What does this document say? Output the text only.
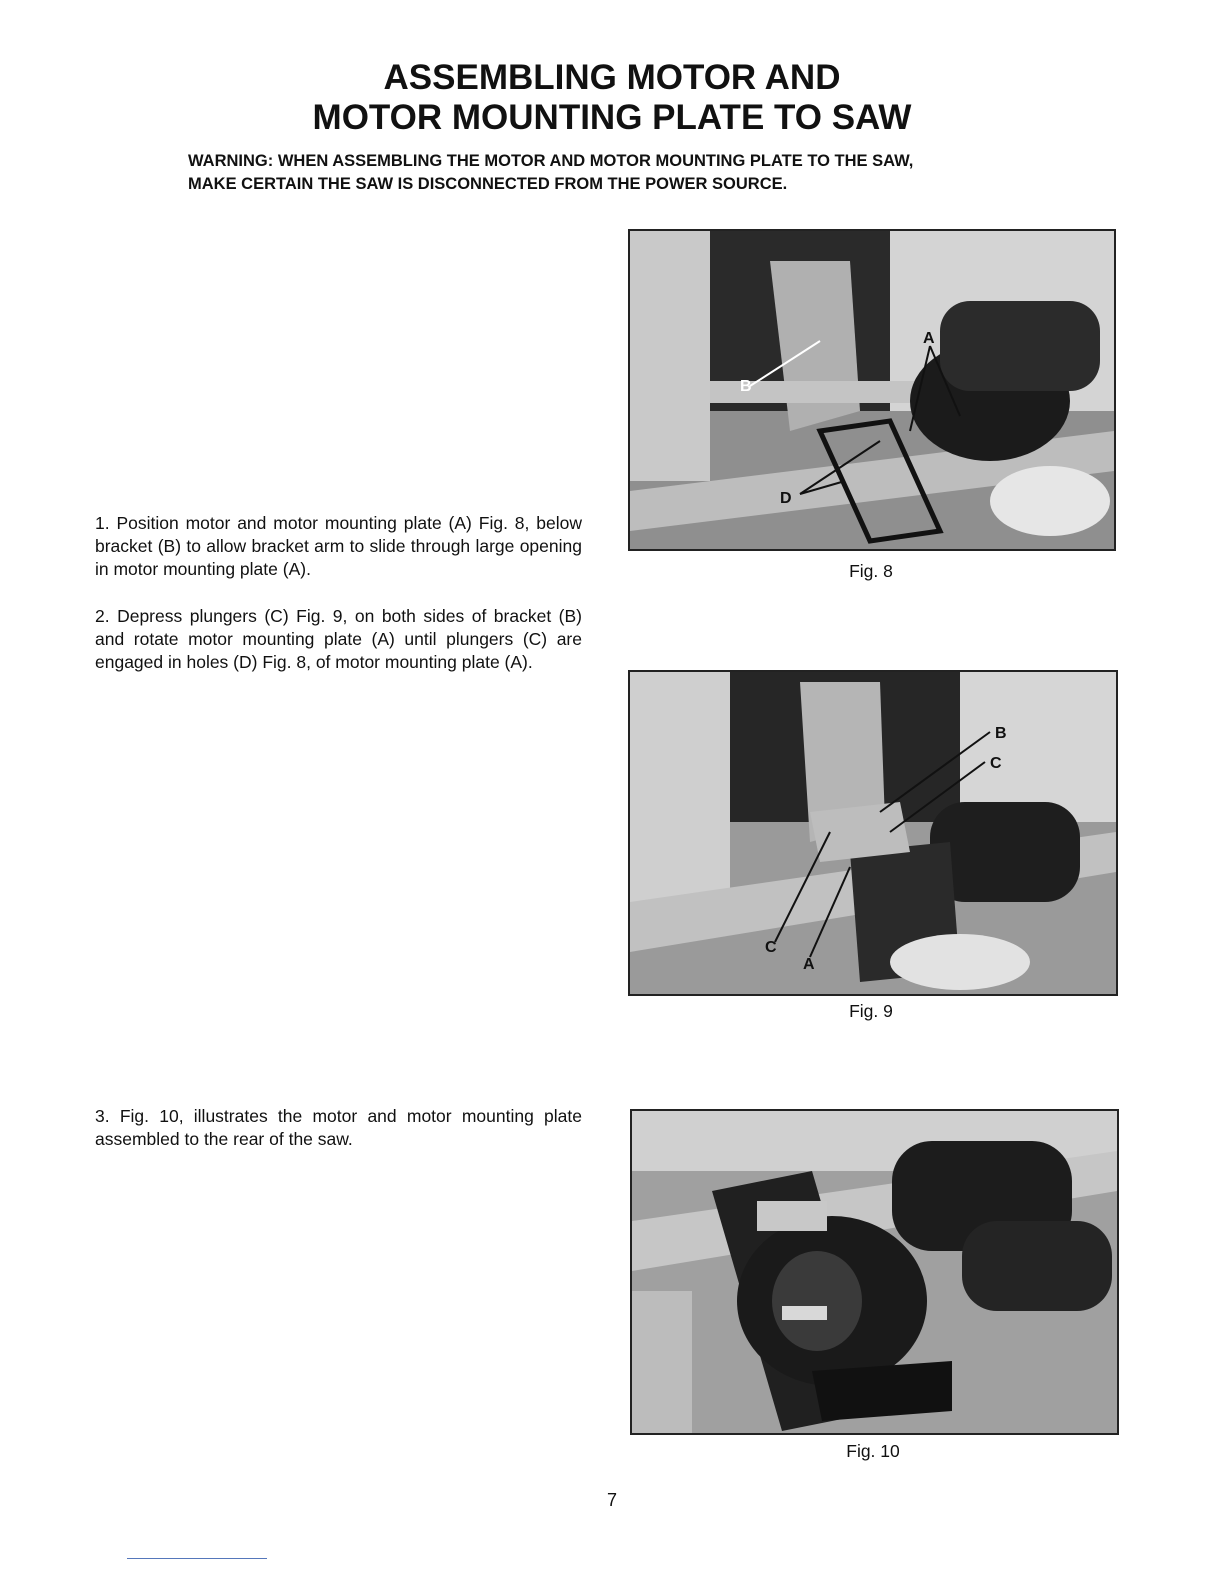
ASSEMBLING MOTOR AND
MOTOR MOUNTING PLATE TO SAW
WARNING: WHEN ASSEMBLING THE MOTOR AND MOTOR MOUNTING PLATE TO THE SAW,
MAKE CERTAIN THE SAW IS DISCONNECTED FROM THE POWER SOURCE.

1. Position motor and motor mounting plate (A) Fig. 8, below bracket (B) to allow bracket arm to slide through large opening in motor mounting plate (A).

2. Depress plungers (C) Fig. 9, on both sides of bracket (B) and rotate motor mounting plate (A) until plungers (C) are engaged in holes (D) Fig. 8, of motor mounting plate (A).

3. Fig. 10, illustrates the motor and motor mounting plate assembled to the rear of the saw.

B
A
D
Fig. 8
B
C
C
A
Fig. 9
Fig. 10
7
